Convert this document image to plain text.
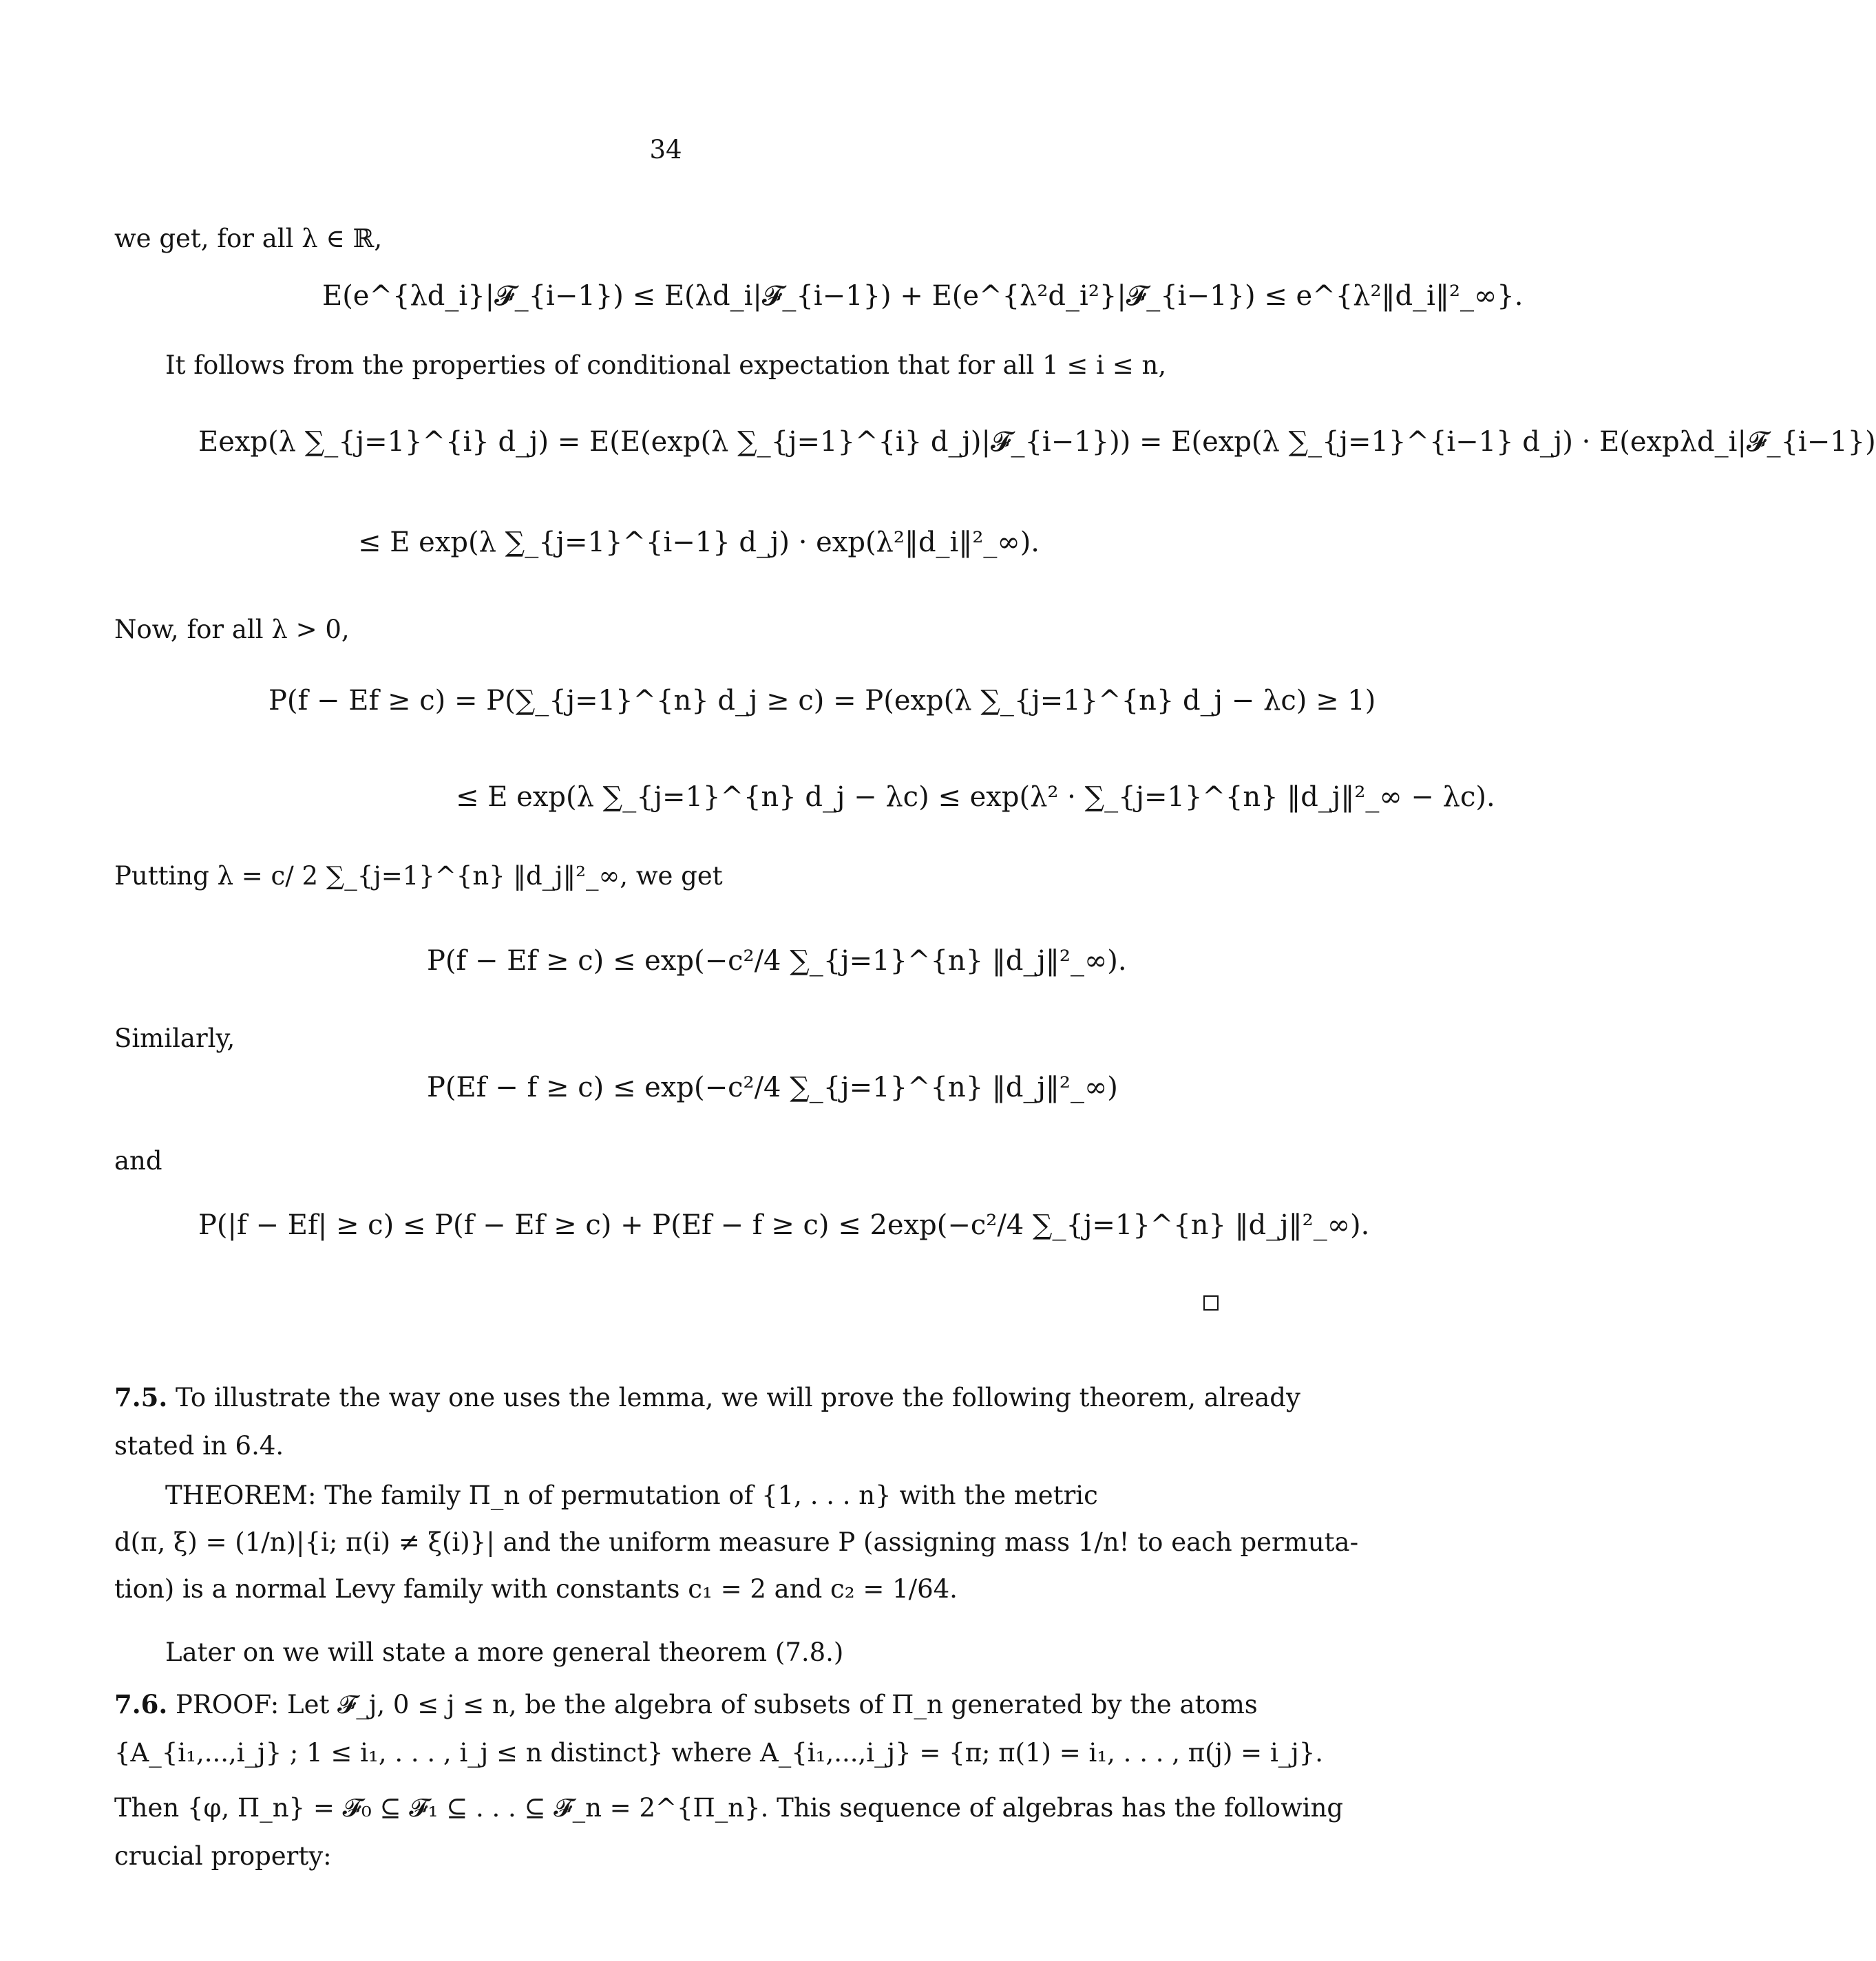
34
we get, for all λ ∈ ℝ,
E(e^{λd_i}|𝓕_{i−1}) ≤ E(λd_i|𝓕_{i−1}) + E(e^{λ²d_i²}|𝓕_{i−1}) ≤ e^{λ²‖d_i‖²_∞}.
It follows from the properties of conditional expectation that for all 1 ≤ i ≤ n,
Eexp(λ ∑_{j=1}^{i} d_j) = E(E(exp(λ ∑_{j=1}^{i} d_j)|𝓕_{i−1})) = E(exp(λ ∑_{j=1}^{i−1} d_j) · E(expλd_i|𝓕_{i−1})
≤ E exp(λ ∑_{j=1}^{i−1} d_j) · exp(λ²‖d_i‖²_∞).
Now, for all λ > 0,
P(f − Ef ≥ c) = P(∑_{j=1}^{n} d_j ≥ c) = P(exp(λ ∑_{j=1}^{n} d_j − λc) ≥ 1)
≤ E exp(λ ∑_{j=1}^{n} d_j − λc) ≤ exp(λ² · ∑_{j=1}^{n} ‖d_j‖²_∞ − λc).
Putting λ = c/ 2 ∑_{j=1}^{n} ‖d_j‖²_∞, we get
P(f − Ef ≥ c) ≤ exp(−c²/4 ∑_{j=1}^{n} ‖d_j‖²_∞).
Similarly,
P(Ef − f ≥ c) ≤ exp(−c²/4 ∑_{j=1}^{n} ‖d_j‖²_∞)
and
P(|f − Ef| ≥ c) ≤ P(f − Ef ≥ c) + P(Ef − f ≥ c) ≤ 2exp(−c²/4 ∑_{j=1}^{n} ‖d_j‖²_∞).
7.5. To illustrate the way one uses the lemma, we will prove the following theorem, already
stated in 6.4.
THEOREM: The family Π_n of permutation of {1, . . . n} with the metric
d(π, ξ) = (1/n)|{i; π(i) ≠ ξ(i)}| and the uniform measure P (assigning mass 1/n! to each permuta-
tion) is a normal Levy family with constants c₁ = 2 and c₂ = 1/64.
Later on we will state a more general theorem (7.8.)
7.6. PROOF: Let 𝓕_j, 0 ≤ j ≤ n, be the algebra of subsets of Π_n generated by the atoms
{A_{i₁,...,i_j} ; 1 ≤ i₁, . . . , i_j ≤ n distinct} where A_{i₁,...,i_j} = {π; π(1) = i₁, . . . , π(j) = i_j}.
Then {φ, Π_n} = 𝓕₀ ⊆ 𝓕₁ ⊆ . . . ⊆ 𝓕_n = 2^{Π_n}. This sequence of algebras has the following
crucial property:
